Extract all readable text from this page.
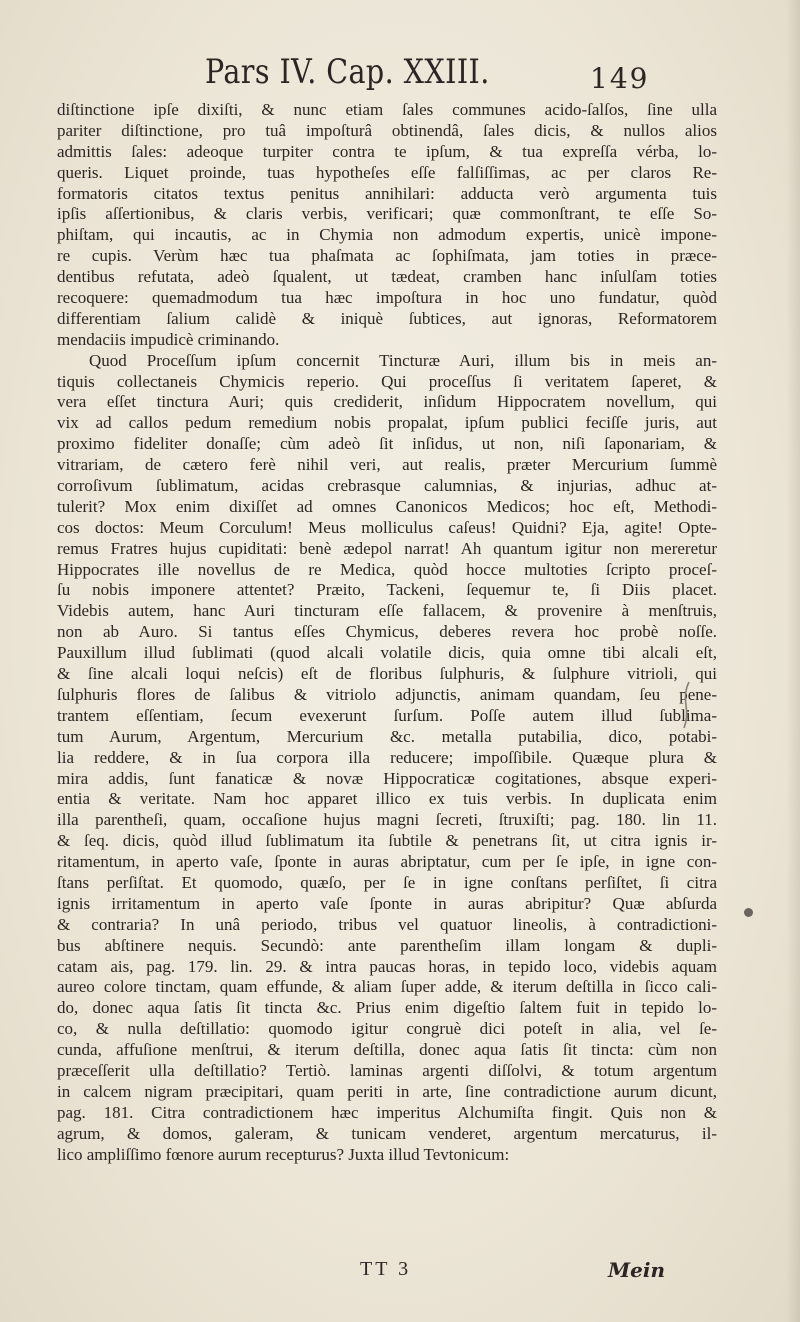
Pars IV. Cap. XXIII.	149
diſtinctione ipſe dixiſti, & nunc etiam ſales communes acido-ſalſos, ſine ulla
pariter diſtinctione, pro tuâ impoſturâ obtinendâ, ſales dicis, & nullos alios
admittis ſales: adeoque turpiter contra te ipſum, & tua expreſſa vérba, lo-
queris. Liquet proinde, tuas hypotheſes eſſe falſiſſimas, ac per claros Re-
formatoris citatos textus penitus annihilari: adducta verò argumenta tuis
ipſis aſſertionibus, & claris verbis, verificari; quæ commonſtrant, te eſſe So-
phiſtam, qui incautis, ac in Chymia non admodum expertis, unicè impone-
re cupis. Verùm hæc tua phaſmata ac ſophiſmata, jam toties in præce-
dentibus refutata, adeò ſqualent, ut tædeat, cramben hanc inſulſam toties
recoquere: quemadmodum tua hæc impoſtura in hoc uno fundatur, quòd
differentiam ſalium calidè & iniquè ſubtices, aut ignoras, Reformatorem
mendaciis impudicè criminando.
Quod Proceſſum ipſum concernit Tincturæ Auri, illum bis in meis an-
tiquis collectaneis Chymicis reperio. Qui proceſſus ſi veritatem ſaperet, &
vera eſſet tinctura Auri; quis crediderit, inſidum Hippocratem novellum, qui
vix ad callos pedum remedium nobis propalat, ipſum publici feciſſe juris, aut
proximo fideliter donaſſe; cùm adeò ſit inſidus, ut non, niſi ſaponariam, &
vitrariam, de cætero ferè nihil veri, aut realis, præter Mercurium ſummè
corroſivum ſublimatum, acidas crebrasque calumnias, & injurias, adhuc at-
tulerit? Mox enim dixiſſet ad omnes Canonicos Medicos; hoc eſt, Methodi-
cos doctos: Meum Corculum! Meus molliculus caſeus! Quidni? Eja, agite! Opte-
remus Fratres hujus cupiditati: benè ædepol narrat! Ah quantum igitur non mereretur
Hippocrates ille novellus de re Medica, quòd hocce multoties ſcripto proceſ-
ſu nobis imponere attentet? Præito, Tackeni, ſequemur te, ſi Diis placet.
Videbis autem, hanc Auri tincturam eſſe fallacem, & provenire à menſtruis,
non ab Auro. Si tantus eſſes Chymicus, deberes revera hoc probè noſſe.
Pauxillum illud ſublimati (quod alcali volatile dicis, quia omne tibi alcali eſt,
& ſine alcali loqui neſcis) eſt de floribus ſulphuris, & ſulphure vitrioli, qui
ſulphuris flores de ſalibus & vitriolo adjunctis, animam quandam, ſeu pene-
trantem eſſentiam, ſecum evexerunt ſurſum. Poſſe autem illud ſublima-
tum Aurum, Argentum, Mercurium &c. metalla putabilia, dico, potabi-
lia reddere, & in ſua corpora illa reducere; impoſſibile. Quæque plura &
mira addis, ſunt fanaticæ & novæ Hippocraticæ cogitationes, absque experi-
entia & veritate. Nam hoc apparet illico ex tuis verbis. In duplicata enim
illa parentheſi, quam, occaſione hujus magni ſecreti, ſtruxiſti; pag. 180. lin 11.
& ſeq. dicis, quòd illud ſublimatum ita ſubtile & penetrans ſit, ut citra ignis ir-
ritamentum, in aperto vaſe, ſponte in auras abriptatur, cum per ſe ipſe, in igne con-
ſtans perſiſtat. Et quomodo, quæſo, per ſe in igne conſtans perſiſtet, ſi citra
ignis irritamentum in aperto vaſe ſponte in auras abripitur? Quæ abſurda
& contraria? In unâ periodo, tribus vel quatuor lineolis, à contradictioni-
bus abſtinere nequis. Secundò: ante parentheſim illam longam & dupli-
catam ais, pag. 179. lin. 29. & intra paucas horas, in tepido loco, videbis aquam
aureo colore tinctam, quam effunde, & aliam ſuper adde, & iterum deſtilla in ſicco cali-
do, donec aqua ſatis ſit tincta &c. Prius enim digeſtio ſaltem fuit in tepido lo-
co, & nulla deſtillatio: quomodo igitur congruè dici poteſt in alia, vel ſe-
cunda, affuſione menſtrui, & iterum deſtilla, donec aqua ſatis ſit tincta: cùm non
præceſſerit ulla deſtillatio? Tertiò. laminas argenti diſſolvi, & totum argentum
in calcem nigram præcipitari, quam periti in arte, ſine contradictione aurum dicunt,
pag. 181. Citra contradictionem hæc imperitus Alchumiſta fingit. Quis non &
agrum, & domos, galeram, & tunicam venderet, argentum mercaturus, il-
lico ampliſſimo fœnore aurum recepturus? Juxta illud Tevtonicum:
TT 3	Mein
